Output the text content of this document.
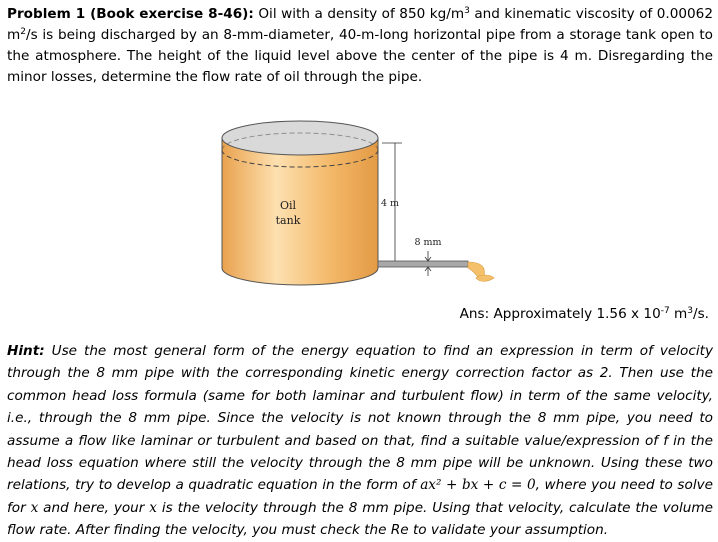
Problem 1 (Book exercise 8-46): Oil with a density of 850 $kg/m^3$ and kinematic viscosity of 0.00062 $m^2/s$ is being discharged by an 8-mm-diameter, 40-m-long horizontal pipe from a storage tank open to the atmosphere. The height of the liquid level above the center of the pipe is 4 m. Disregarding the minor losses, determine the flow rate of oil through the pipe.
Oil
tank
4 m
8 mm
Ans: Approximately 1.56 x $10^{-7}$ $m^3/s$.
Hint: Use the most general form of the energy equation to find an expression in term of velocity through the 8 mm pipe with the corresponding kinetic energy correction factor as 2. Then use the common head loss formula (same for both laminar and turbulent flow) in term of the same velocity, i.e., through the 8 mm pipe. Since the velocity is not known through the 8 mm pipe, you need to assume a flow like laminar or turbulent and based on that, find a suitable value/expression of f in the head loss equation where still the velocity through the 8 mm pipe will be unknown. Using these two relations, try to develop a quadratic equation in the form of ax² + bx + c = 0, where you need to solve for x and here, your x is the velocity through the 8 mm pipe. Using that velocity, calculate the volume flow rate. After finding the velocity, you must check the Re to validate your assumption.
